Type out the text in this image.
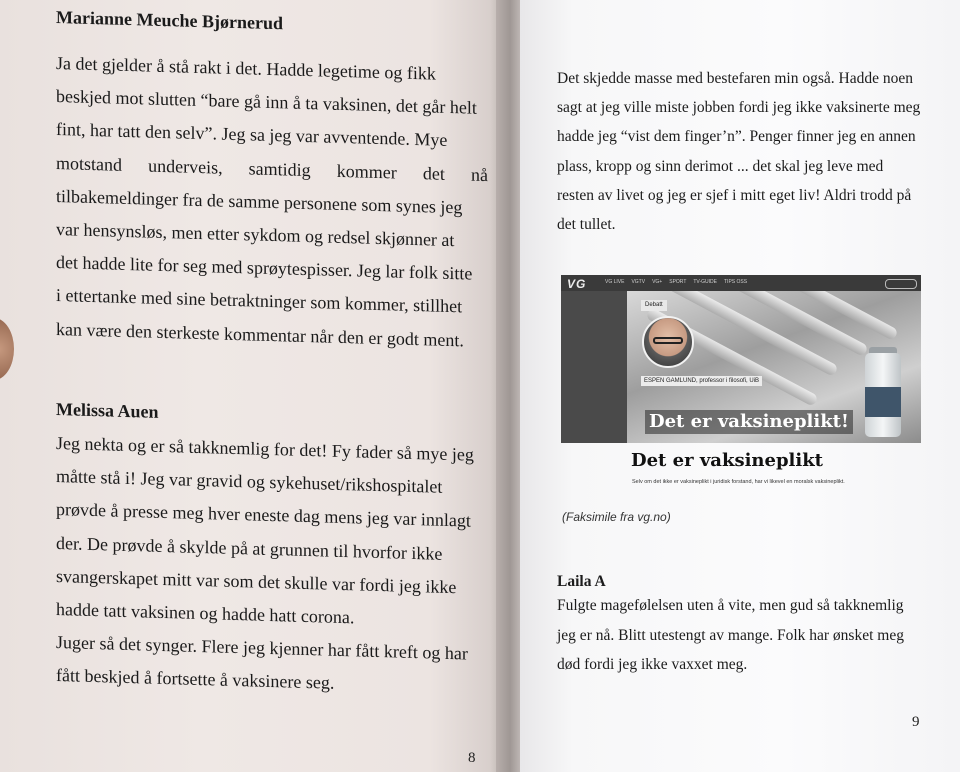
Marianne Meuche Bjørnerud
Ja det gjelder å stå rakt i det. Hadde legetime og fikk
beskjed mot slutten “bare gå inn å ta vaksinen, det går helt
fint, har tatt den selv”. Jeg sa jeg var avventende. Mye
motstand underveis, samtidig kommer det nå
tilbakemeldinger fra de samme personene som synes jeg
var hensynsløs, men etter sykdom og redsel skjønner at
det hadde lite for seg med sprøytespisser. Jeg lar folk sitte
i ettertanke med sine betraktninger som kommer, stillhet
kan være den sterkeste kommentar når den er godt ment.
Melissa Auen
Jeg nekta og er så takknemlig for det! Fy fader så mye jeg
måtte stå i! Jeg var gravid og sykehuset/rikshospitalet
prøvde å presse meg hver eneste dag mens jeg var innlagt
der. De prøvde å skylde på at grunnen til hvorfor ikke
svangerskapet mitt var som det skulle var fordi jeg ikke
hadde tatt vaksinen og hadde hatt corona.
Juger så det synger. Flere jeg kjenner har fått kreft og har
fått beskjed å fortsette å vaksinere seg.
8
Det skjedde masse med bestefaren min også. Hadde noen
sagt at jeg ville miste jobben fordi jeg ikke vaksinerte meg
hadde jeg “vist dem finger’n”. Penger finner jeg en annen
plass, kropp og sinn derimot ... det skal jeg leve med
resten av livet og jeg er sjef i mitt eget liv! Aldri trodd på
det tullet.
VG	VG LIVE VGTV VG+ SPORT TV-GUIDE TIPS OSS
Debatt
ESPEN GAMLUND, professor i filosofi, UiB
Det er vaksineplikt!
Det er vaksineplikt
Selv om det ikke er vaksineplikt i juridisk forstand, har vi likevel en moralsk vaksineplikt.
(Faksimile fra vg.no)
Laila A
Fulgte magefølelsen uten å vite, men gud så takknemlig
jeg er nå. Blitt utestengt av mange. Folk har ønsket meg
død fordi jeg ikke vaxxet meg.
9
